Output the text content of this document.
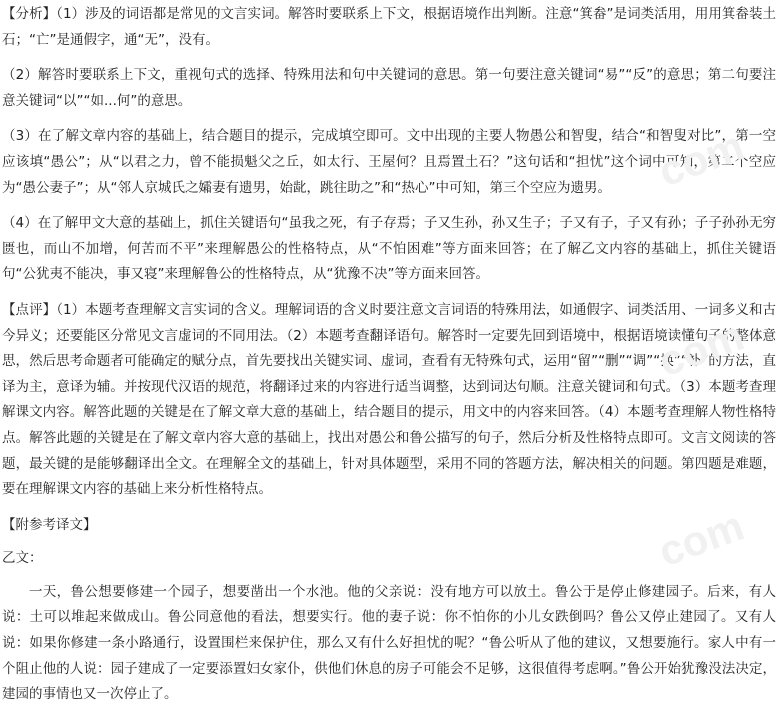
com
com
com

【分析】（1）涉及的词语都是常见的文言实词。解答时要联系上下文，根据语境作出判断。注意“箕畚”是词类活用，用用箕畚装土石；“亡”是通假字，通“无”，没有。

（2）解答时要联系上下文，重视句式的选择、特殊用法和句中关键词的意思。第一句要注意关键词“易”“反”的意思；第二句要注意关键词“以”“如...何”的意思。

（3）在了解文章内容的基础上，结合题目的提示，完成填空即可。文中出现的主要人物愚公和智叟，结合“和智叟对比”，第一空应该填“愚公”；从“以君之力，曾不能损魁父之丘，如太行、王屋何？且焉置土石？”这句话和“担忧”这个词中可知，第二个空应为“愚公妻子”；从“邻人京城氏之孀妻有遗男，始龀，跳往助之”和“热心”中可知，第三个空应为遗男。

（4）在了解甲文大意的基础上，抓住关键语句“虽我之死，有子存焉；子又生孙，孙又生子；子又有子，子又有孙；子子孙孙无穷匮也，而山不加增，何苦而不平”来理解愚公的性格特点，从“不怕困难”等方面来回答；在了解乙文内容的基础上，抓住关键语句“公犹夷不能决，事又寝”来理解鲁公的性格特点，从“犹豫不决”等方面来回答。

【点评】（1）本题考查理解文言实词的含义。理解词语的含义时要注意文言词语的特殊用法，如通假字、词类活用、一词多义和古今异义；还要能区分常见文言虚词的不同用法。（2）本题考查翻译语句。解答时一定要先回到语境中，根据语境读懂句子的整体意思，然后思考命题者可能确定的赋分点，首先要找出关键实词、虚词，查看有无特殊句式，运用“留”“删”“调”“换”“补”的方法，直译为主，意译为辅。并按现代汉语的规范，将翻译过来的内容进行适当调整，达到词达句顺。注意关键词和句式。（3）本题考查理解课文内容。解答此题的关键是在了解文章大意的基础上，结合题目的提示，用文中的内容来回答。（4）本题考查理解人物性格特点。解答此题的关键是在了解文章内容大意的基础上，找出对愚公和鲁公描写的句子，然后分析及性格特点即可。文言文阅读的答题，最关键的是能够翻译出全文。在理解全文的基础上，针对具体题型，采用不同的答题方法，解决相关的问题。第四题是难题，要在理解课文内容的基础上来分析性格特点。

【附参考译文】

乙文：

一天，鲁公想要修建一个园子，想要凿出一个水池。他的父亲说：没有地方可以放土。鲁公于是停止修建园子。后来，有人说：土可以堆起来做成山。鲁公同意他的看法，想要实行。他的妻子说：你不怕你的小儿女跌倒吗？鲁公又停止建园了。又有人说：如果你修建一条小路通行，设置围栏来保护住，那么又有什么好担忧的呢？“鲁公听从了他的建议，又想要施行。家人中有一个阻止他的人说：园子建成了一定要添置妇女家仆，供他们休息的房子可能会不足够，这很值得考虑啊。”鲁公开始犹豫没法决定，建园的事情也又一次停止了。
